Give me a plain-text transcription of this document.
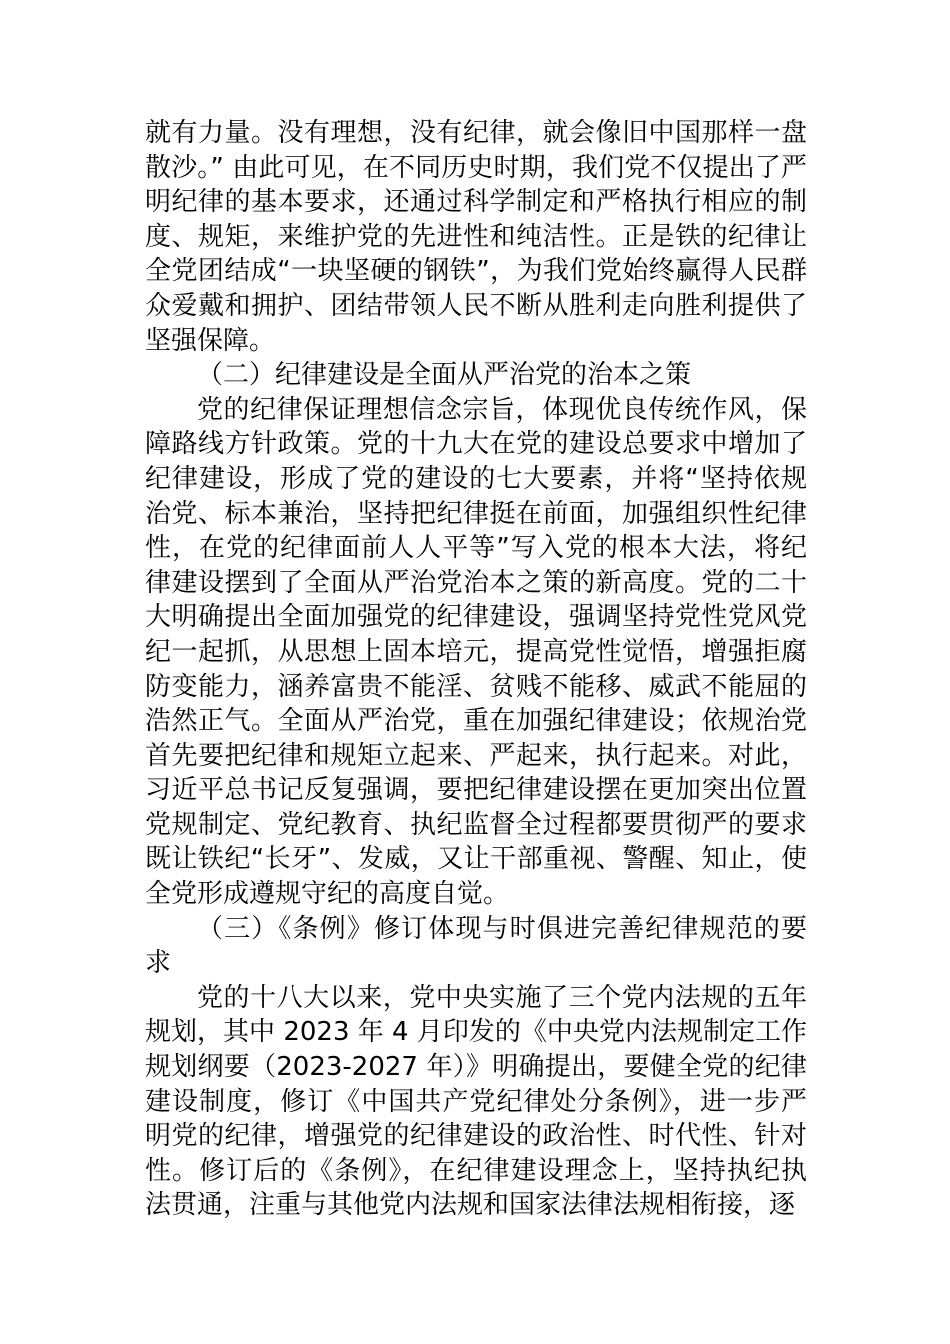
就有力量。没有理想，没有纪律，就会像旧中国那样一盘散沙。” 由此可见，在不同历史时期，我们党不仅提出了严明纪律的基本要求，还通过科学制定和严格执行相应的制度、规矩，来维护党的先进性和纯洁性。正是铁的纪律让全党团结成“一块坚硬的钢铁”，为我们党始终赢得人民群众爱戴和拥护、团结带领人民不断从胜利走向胜利提供了坚强保障。

（二）纪律建设是全面从严治党的治本之策

党的纪律保证理想信念宗旨，体现优良传统作风，保障路线方针政策。党的十九大在党的建设总要求中增加了纪律建设，形成了党的建设的七大要素，并将“坚持依规治党、标本兼治，坚持把纪律挺在前面，加强组织性纪律性，在党的纪律面前人人平等”写入党的根本大法，将纪律建设摆到了全面从严治党治本之策的新高度。党的二十大明确提出全面加强党的纪律建设，强调坚持党性党风党纪一起抓，从思想上固本培元，提高党性觉悟，增强拒腐防变能力，涵养富贵不能淫、贫贱不能移、威武不能屈的浩然正气。全面从严治党，重在加强纪律建设；依规治党首先要把纪律和规矩立起来、严起来，执行起来。对此，习近平总书记反复强调，要把纪律建设摆在更加突出位置党规制定、党纪教育、执纪监督全过程都要贯彻严的要求既让铁纪“长牙”、发威，又让干部重视、警醒、知止，使全党形成遵规守纪的高度自觉。

（三）《条例》修订体现与时俱进完善纪律规范的要求

党的十八大以来，党中央实施了三个党内法规的五年规划，其中 2023 年 4 月印发的《中央党内法规制定工作规划纲要（2023-2027 年）》明确提出，要健全党的纪律建设制度，修订《中国共产党纪律处分条例》，进一步严明党的纪律，增强党的纪律建设的政治性、时代性、针对性。修订后的《条例》，在纪律建设理念上，坚持执纪执法贯通，注重与其他党内法规和国家法律法规相衔接，逐
